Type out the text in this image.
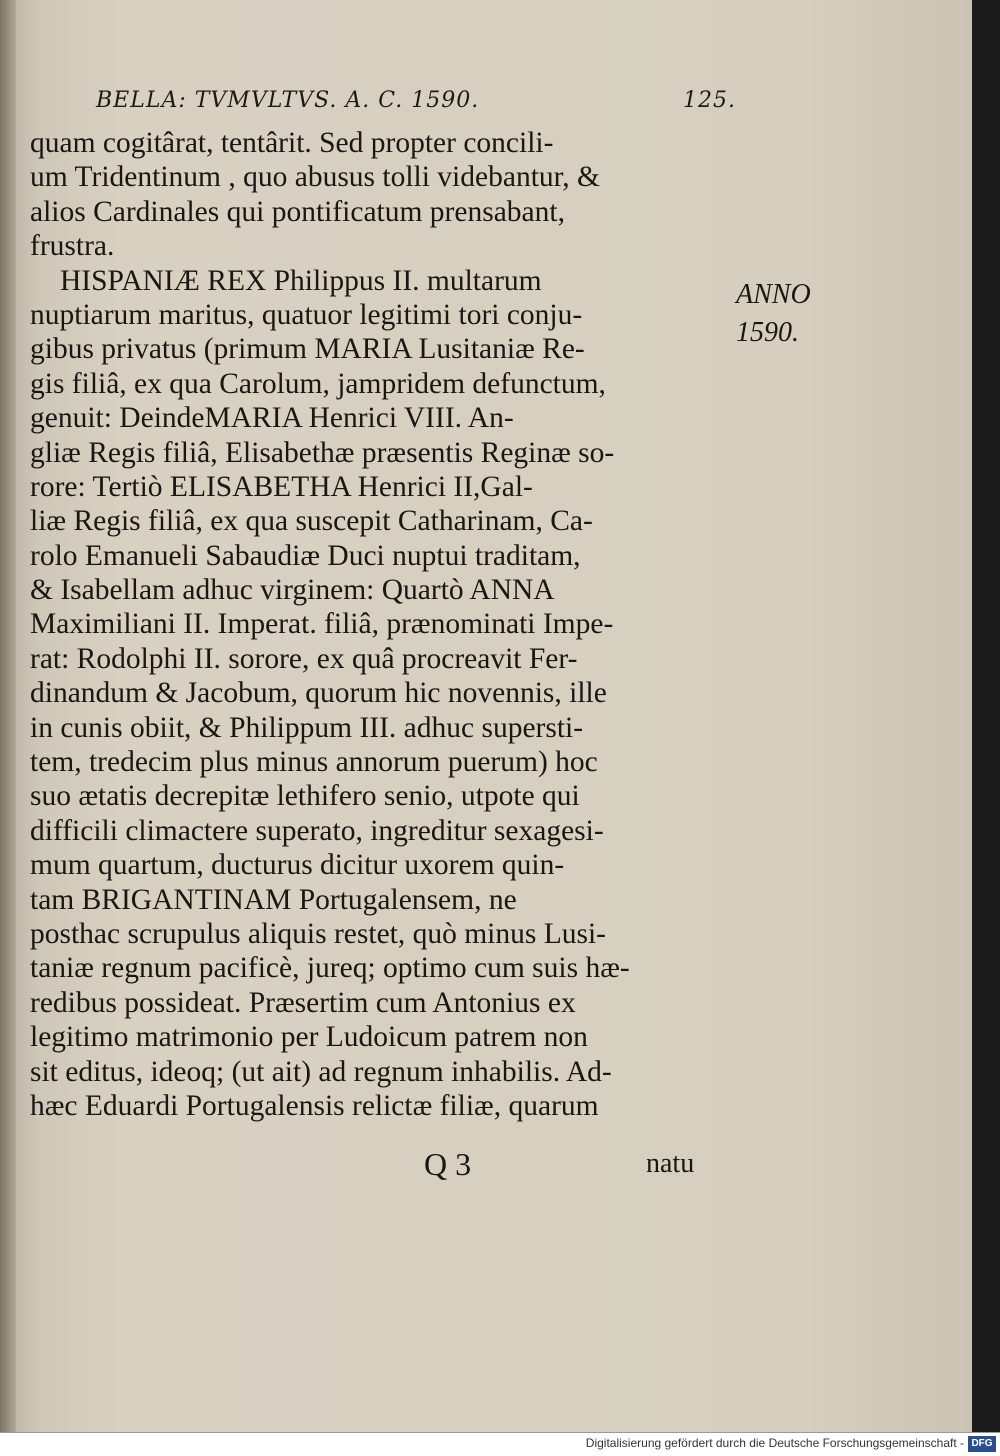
BELLA: TVMVLTVS. A. C. 1590.	125.
quam cogitârat, tentârit. Sed propter concili-
um Tridentinum , quo abusus tolli videbantur, &
alios Cardinales qui pontificatum prensabant,
frustra.
HISPANIÆ REX Philippus II. multarum
nuptiarum maritus, quatuor legitimi tori conju-
gibus privatus (primum MARIA Lusitaniæ Re-
gis filiâ, ex qua Carolum, jampridem defunctum,
genuit: DeindeMARIA Henrici VIII. An-
gliæ Regis filiâ, Elisabethæ præsentis Reginæ so-
rore: Tertiò ELISABETHA Henrici II,Gal-
liæ Regis filiâ, ex qua suscepit Catharinam, Ca-
rolo Emanueli Sabaudiæ Duci nuptui traditam,
& Isabellam adhuc virginem: Quartò ANNA
Maximiliani II. Imperat. filiâ, prænominati Impe-
rat: Rodolphi II. sorore, ex quâ procreavit Fer-
dinandum & Jacobum, quorum hic novennis, ille
in cunis obiit, & Philippum III. adhuc supersti-
tem, tredecim plus minus annorum puerum) hoc
suo ætatis decrepitæ lethifero senio, utpote qui
difficili climactere superato, ingreditur sexagesi-
mum quartum, ducturus dicitur uxorem quin-
tam BRIGANTINAM Portugalensem, ne
posthac scrupulus aliquis restet, quò minus Lusi-
taniæ regnum pacificè, jureq; optimo cum suis hæ-
redibus possideat. Præsertim cum Antonius ex
legitimo matrimonio per Ludoicum patrem non
sit editus, ideoq; (ut ait) ad regnum inhabilis. Ad-
hæc Eduardi Portugalensis relictæ filiæ, quarum
ANNO
1590.
Q 3	natu
Digitalisierung gefördert durch die Deutsche Forschungsgemeinschaft - DFG
